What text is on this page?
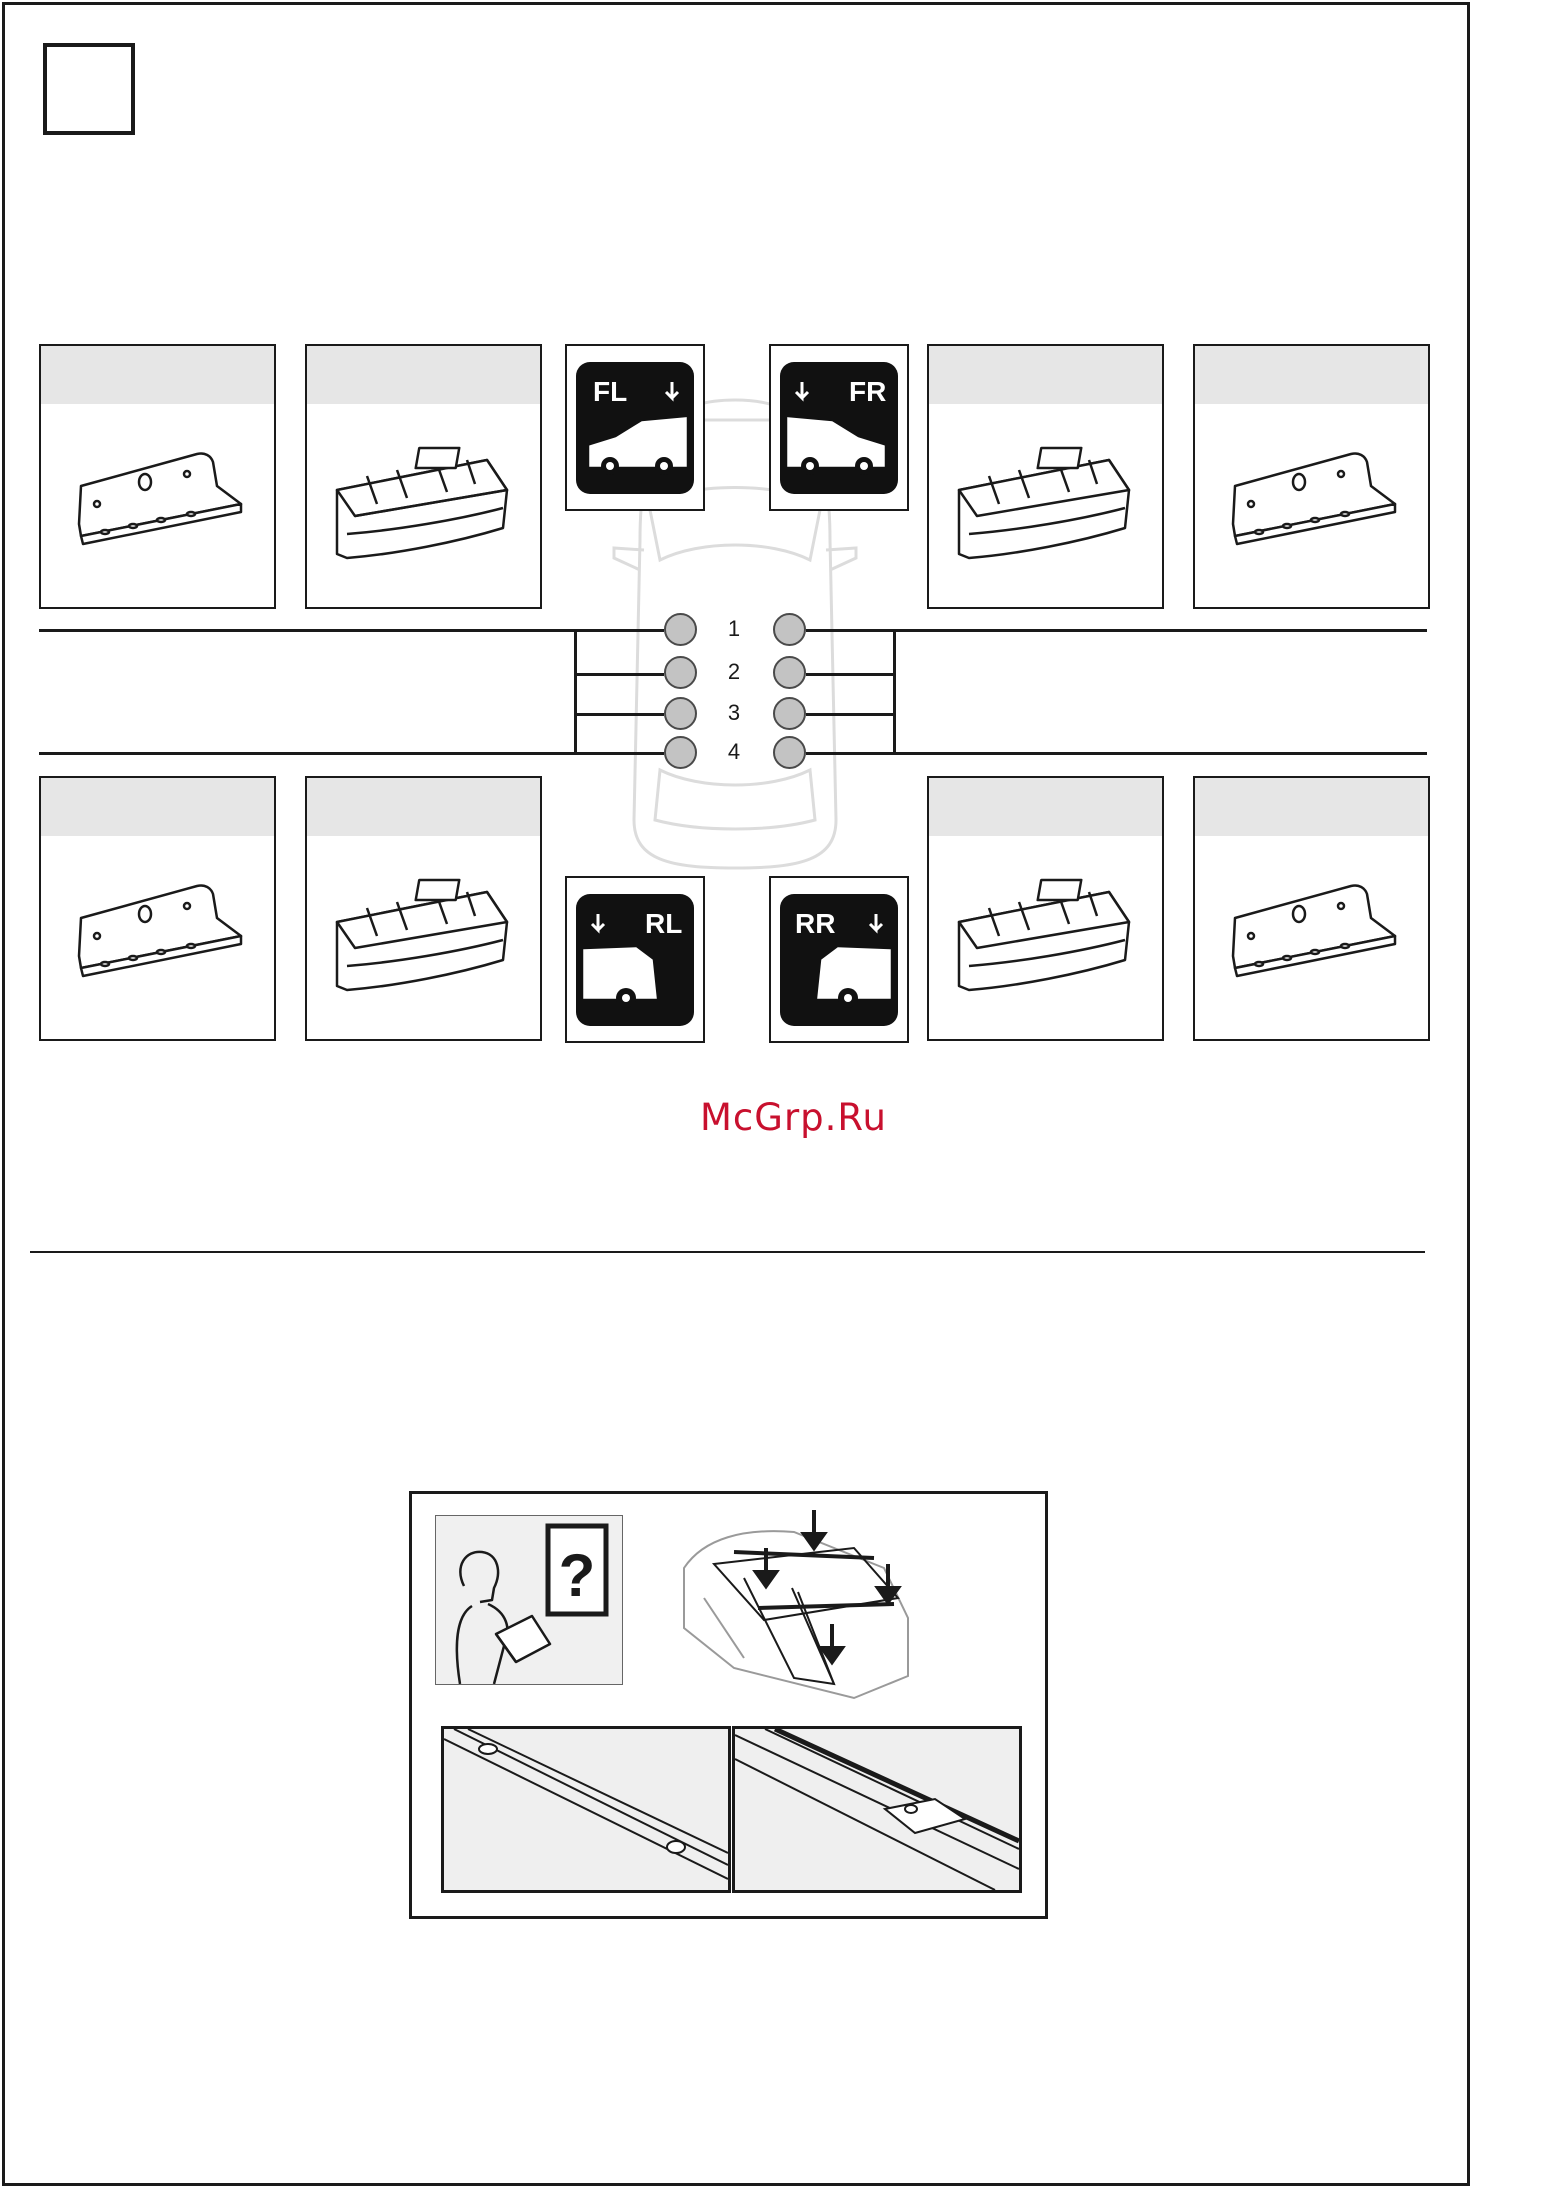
FL	FR
1
2
3
4
RL	RR
McGrp.Ru
?
